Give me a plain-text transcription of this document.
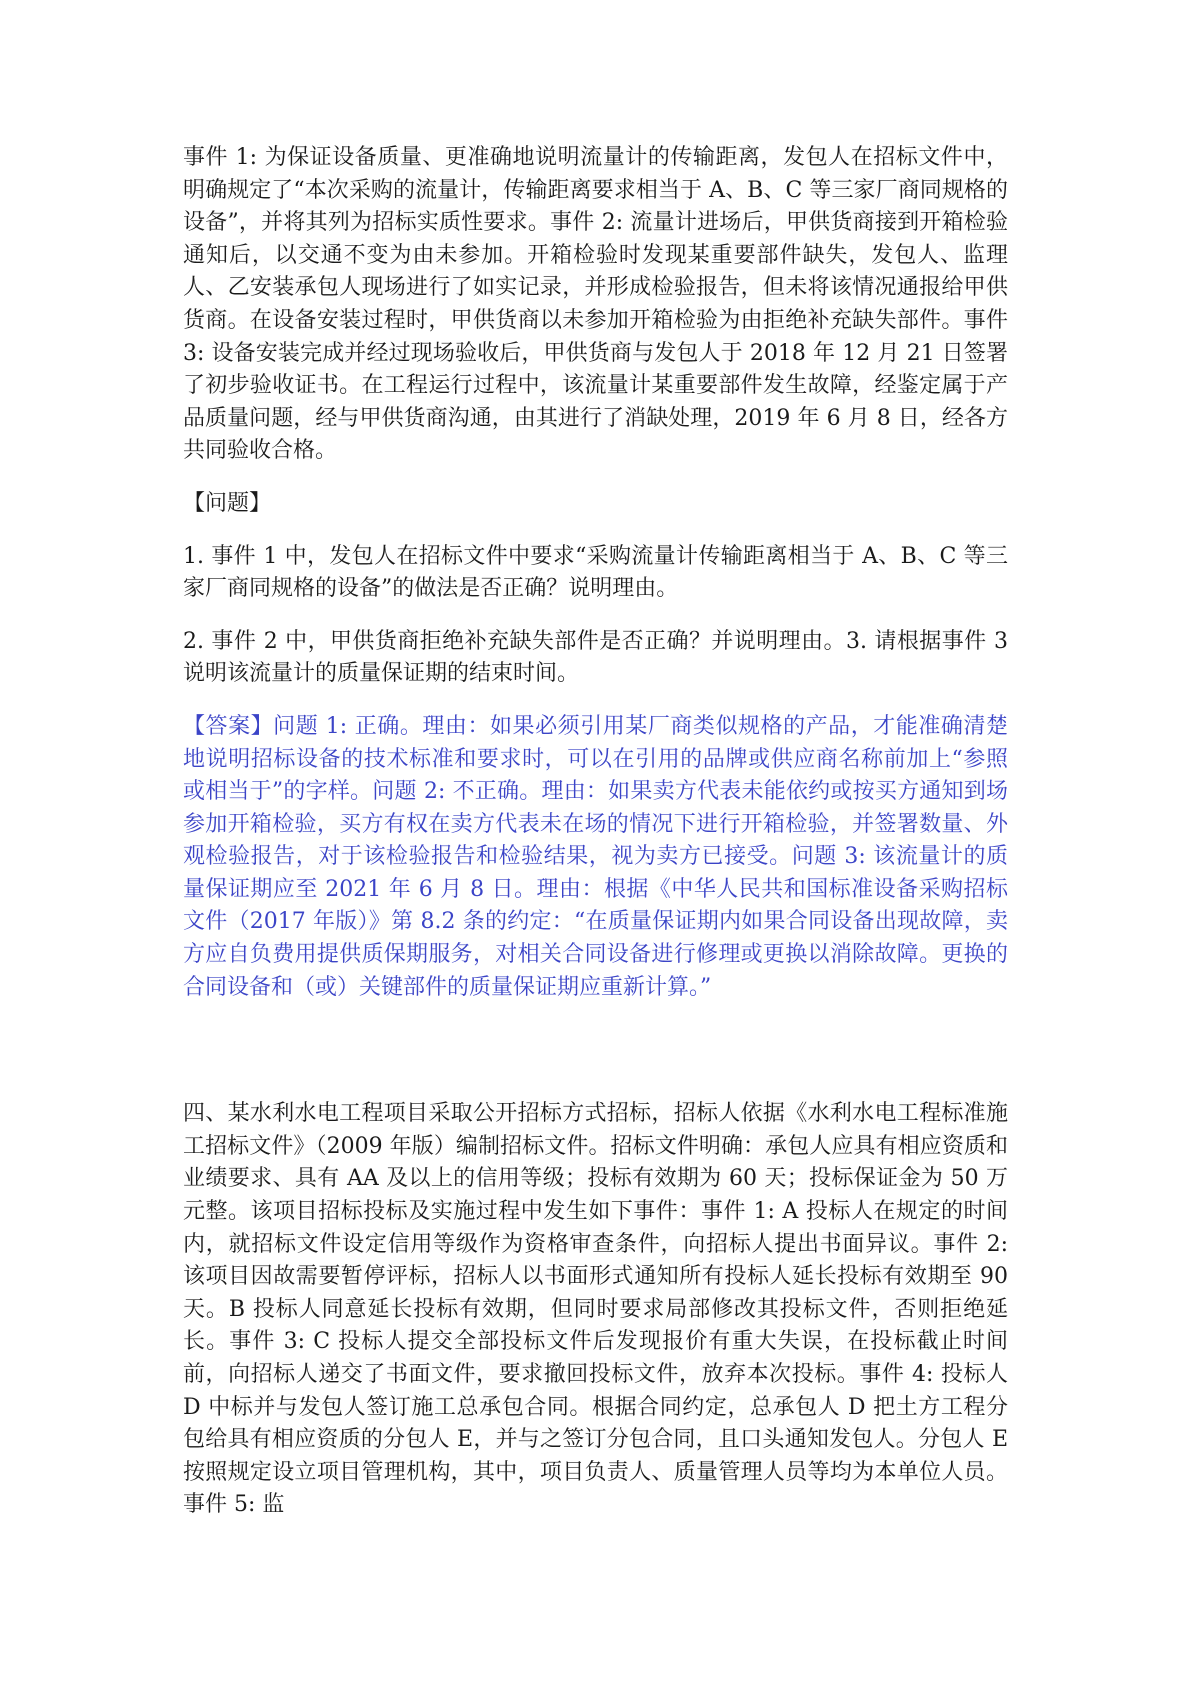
事件 1: 为保证设备质量、更准确地说明流量计的传输距离，发包人在招标文件中，明确规定了“本次采购的流量计，传输距离要求相当于 A、B、C 等三家厂商同规格的设备”，并将其列为招标实质性要求。事件 2: 流量计进场后，甲供货商接到开箱检验通知后，以交通不变为由未参加。开箱检验时发现某重要部件缺失，发包人、监理人、乙安装承包人现场进行了如实记录，并形成检验报告，但未将该情况通报给甲供货商。在设备安装过程时，甲供货商以未参加开箱检验为由拒绝补充缺失部件。事件 3: 设备安装完成并经过现场验收后，甲供货商与发包人于 2018 年 12 月 21 日签署了初步验收证书。在工程运行过程中，该流量计某重要部件发生故障，经鉴定属于产品质量问题，经与甲供货商沟通，由其进行了消缺处理，2019 年 6 月 8 日，经各方共同验收合格。

【问题】

1. 事件 1 中，发包人在招标文件中要求“采购流量计传输距离相当于 A、B、C 等三家厂商同规格的设备”的做法是否正确？说明理由。

2. 事件 2 中，甲供货商拒绝补充缺失部件是否正确？并说明理由。3. 请根据事件 3 说明该流量计的质量保证期的结束时间。

【答案】问题 1: 正确。理由：如果必须引用某厂商类似规格的产品，才能准确清楚地说明招标设备的技术标准和要求时，可以在引用的品牌或供应商名称前加上“参照或相当于”的字样。问题 2: 不正确。理由：如果卖方代表未能依约或按买方通知到场参加开箱检验，买方有权在卖方代表未在场的情况下进行开箱检验，并签署数量、外观检验报告，对于该检验报告和检验结果，视为卖方已接受。问题 3: 该流量计的质量保证期应至 2021 年 6 月 8 日。理由：根据《中华人民共和国标准设备采购招标文件（2017 年版）》第 8.2 条的约定：“在质量保证期内如果合同设备出现故障，卖方应自负费用提供质保期服务，对相关合同设备进行修理或更换以消除故障。更换的合同设备和（或）关键部件的质量保证期应重新计算。”

四、某水利水电工程项目采取公开招标方式招标，招标人依据《水利水电工程标准施工招标文件》（2009 年版）编制招标文件。招标文件明确：承包人应具有相应资质和业绩要求、具有 AA 及以上的信用等级；投标有效期为 60 天；投标保证金为 50 万元整。该项目招标投标及实施过程中发生如下事件：事件 1: A 投标人在规定的时间内，就招标文件设定信用等级作为资格审查条件，向招标人提出书面异议。事件 2: 该项目因故需要暂停评标，招标人以书面形式通知所有投标人延长投标有效期至 90 天。B 投标人同意延长投标有效期，但同时要求局部修改其投标文件，否则拒绝延长。事件 3: C 投标人提交全部投标文件后发现报价有重大失误，在投标截止时间前，向招标人递交了书面文件，要求撤回投标文件，放弃本次投标。事件 4: 投标人 D 中标并与发包人签订施工总承包合同。根据合同约定，总承包人 D 把土方工程分包给具有相应资质的分包人 E，并与之签订分包合同，且口头通知发包人。分包人 E 按照规定设立项目管理机构，其中，项目负责人、质量管理人员等均为本单位人员。事件 5: 监
